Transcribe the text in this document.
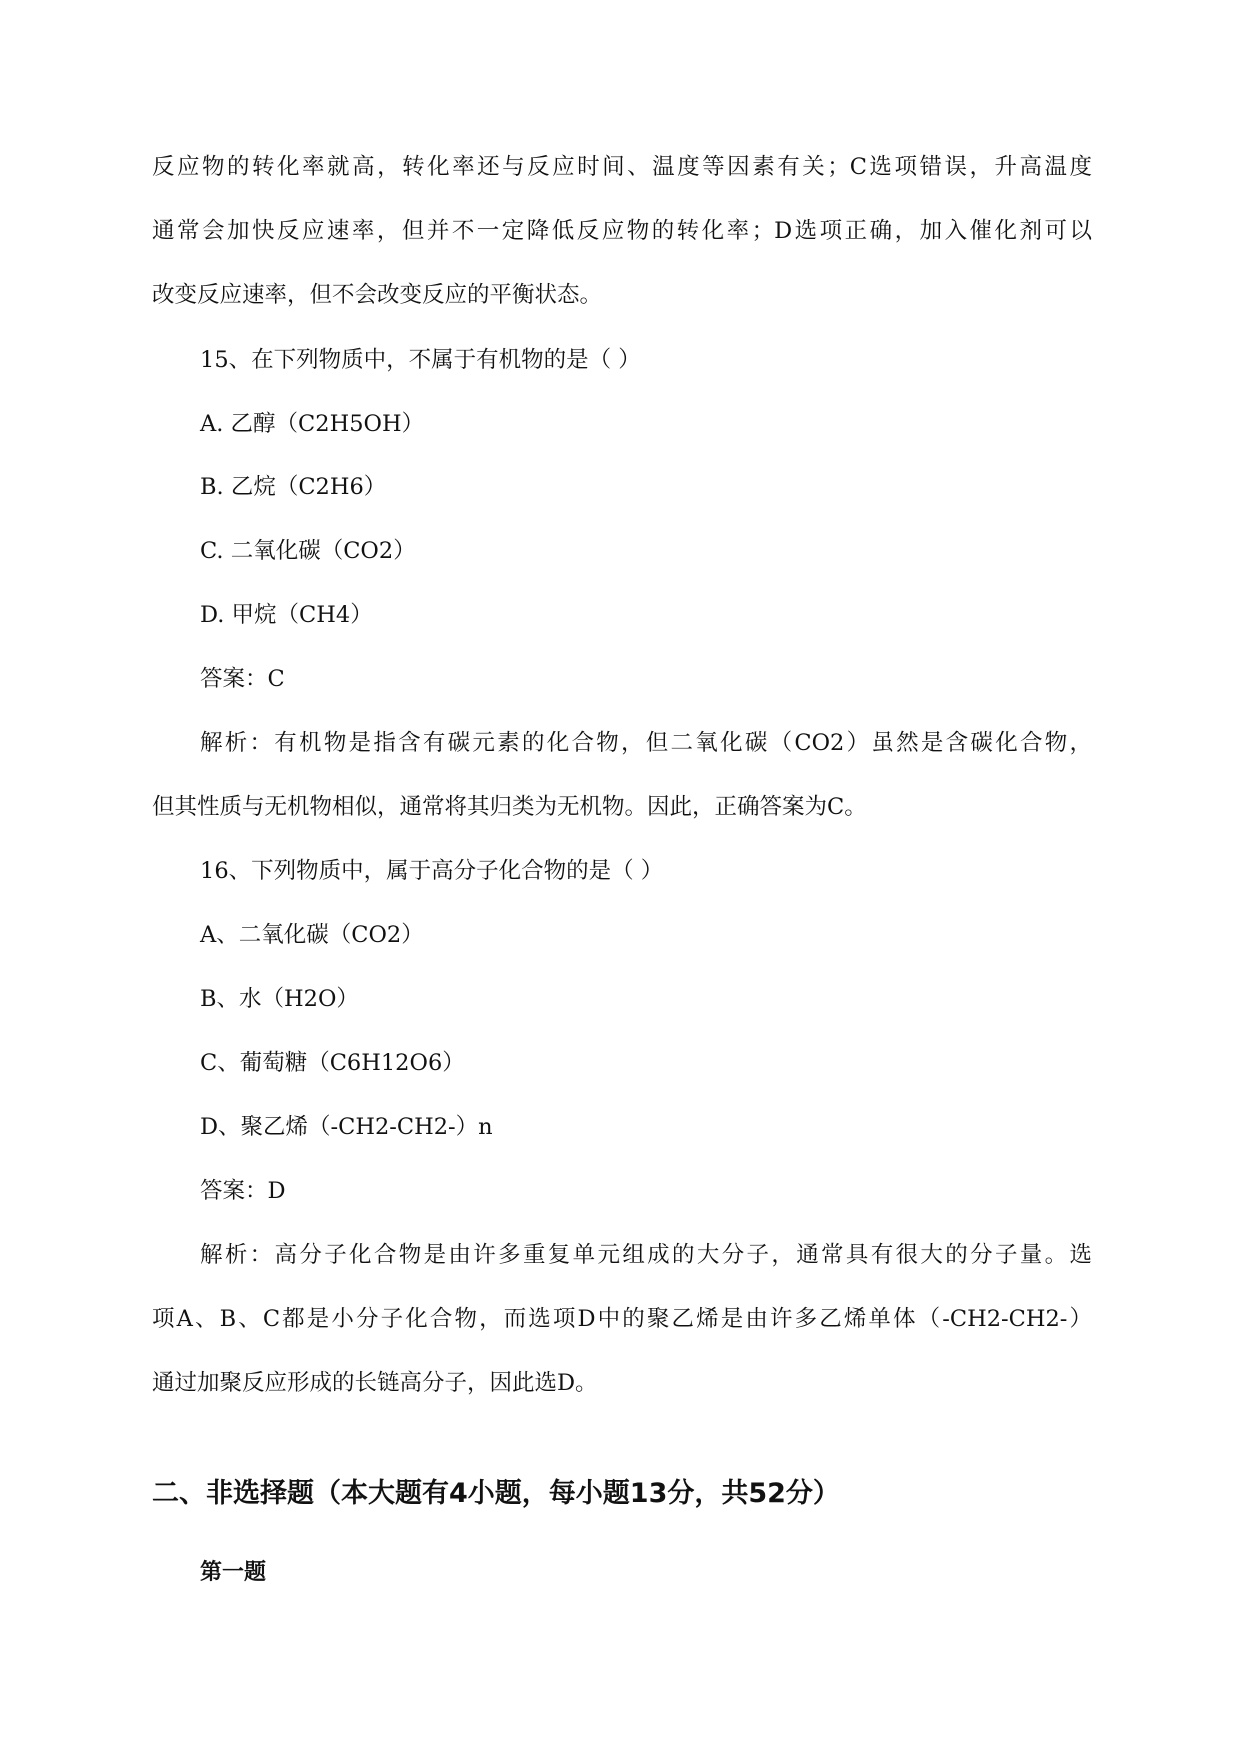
反应物的转化率就高，转化率还与反应时间、温度等因素有关；C选项错误，升高温度

通常会加快反应速率，但并不一定降低反应物的转化率；D选项正确，加入催化剂可以

改变反应速率，但不会改变反应的平衡状态。

15、在下列物质中，不属于有机物的是（ ）

A. 乙醇（C2H5OH）

B. 乙烷（C2H6）

C. 二氧化碳（CO2）

D. 甲烷（CH4）

答案：C

解析：有机物是指含有碳元素的化合物，但二氧化碳（CO2）虽然是含碳化合物，

但其性质与无机物相似，通常将其归类为无机物。因此，正确答案为C。

16、下列物质中，属于高分子化合物的是（ ）

A、二氧化碳（CO2）

B、水（H2O）

C、葡萄糖（C6H12O6）

D、聚乙烯（-CH2-CH2-）n

答案：D

解析：高分子化合物是由许多重复单元组成的大分子，通常具有很大的分子量。选

项A、B、C都是小分子化合物，而选项D中的聚乙烯是由许多乙烯单体（-CH2-CH2-）

通过加聚反应形成的长链高分子，因此选D。

二、非选择题（本大题有4小题，每小题13分，共52分）
第一题
